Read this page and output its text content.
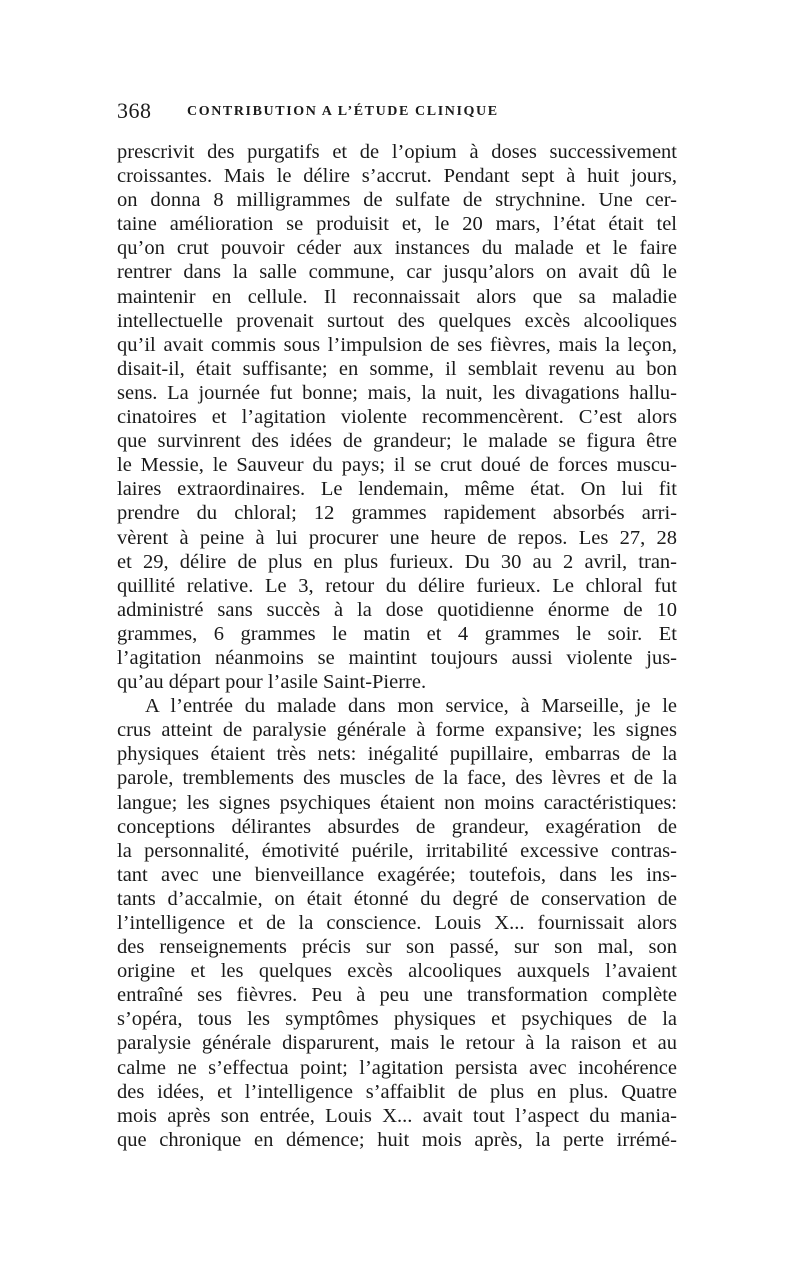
368	CONTRIBUTION A L’ÉTUDE CLINIQUE
prescrivit des purgatifs et de l’opium à doses successivement
croissantes. Mais le délire s’accrut. Pendant sept à huit jours,
on donna 8 milligrammes de sulfate de strychnine. Une cer-
taine amélioration se produisit et, le 20 mars, l’état était tel
qu’on crut pouvoir céder aux instances du malade et le faire
rentrer dans la salle commune, car jusqu’alors on avait dû le
maintenir en cellule. Il reconnaissait alors que sa maladie
intellectuelle provenait surtout des quelques excès alcooliques
qu’il avait commis sous l’impulsion de ses fièvres, mais la leçon,
disait-il, était suffisante; en somme, il semblait revenu au bon
sens. La journée fut bonne; mais, la nuit, les divagations hallu-
cinatoires et l’agitation violente recommencèrent. C’est alors
que survinrent des idées de grandeur; le malade se figura être
le Messie, le Sauveur du pays; il se crut doué de forces muscu-
laires extraordinaires. Le lendemain, même état. On lui fit
prendre du chloral; 12 grammes rapidement absorbés arri-
vèrent à peine à lui procurer une heure de repos. Les 27, 28
et 29, délire de plus en plus furieux. Du 30 au 2 avril, tran-
quillité relative. Le 3, retour du délire furieux. Le chloral fut
administré sans succès à la dose quotidienne énorme de 10
grammes, 6 grammes le matin et 4 grammes le soir. Et
l’agitation néanmoins se maintint toujours aussi violente jus-
qu’au départ pour l’asile Saint-Pierre.
A l’entrée du malade dans mon service, à Marseille, je le
crus atteint de paralysie générale à forme expansive; les signes
physiques étaient très nets: inégalité pupillaire, embarras de la
parole, tremblements des muscles de la face, des lèvres et de la
langue; les signes psychiques étaient non moins caractéristiques:
conceptions délirantes absurdes de grandeur, exagération de
la personnalité, émotivité puérile, irritabilité excessive contras-
tant avec une bienveillance exagérée; toutefois, dans les ins-
tants d’accalmie, on était étonné du degré de conservation de
l’intelligence et de la conscience. Louis X... fournissait alors
des renseignements précis sur son passé, sur son mal, son
origine et les quelques excès alcooliques auxquels l’avaient
entraîné ses fièvres. Peu à peu une transformation complète
s’opéra, tous les symptômes physiques et psychiques de la
paralysie générale disparurent, mais le retour à la raison et au
calme ne s’effectua point; l’agitation persista avec incohérence
des idées, et l’intelligence s’affaiblit de plus en plus. Quatre
mois après son entrée, Louis X... avait tout l’aspect du mania-
que chronique en démence; huit mois après, la perte irrémé-
